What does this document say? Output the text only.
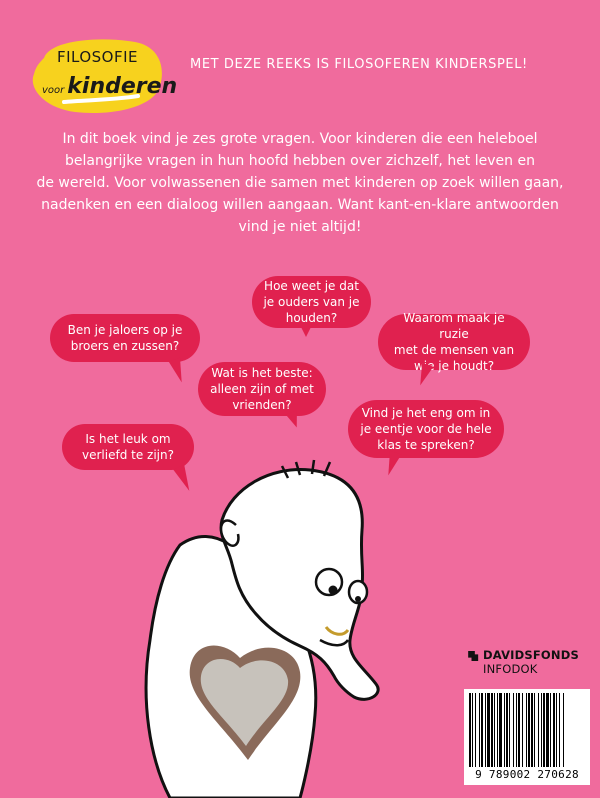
FILOSOFIE
voor kinderen
MET DEZE REEKS IS FILOSOFEREN KINDERSPEL!

In dit boek vind je zes grote vragen. Voor kinderen die een heleboel
belangrijke vragen in hun hoofd hebben over zichzelf, het leven en
de wereld. Voor volwassenen die samen met kinderen op zoek willen gaan,
nadenken en een dialoog willen aangaan. Want kant-en-klare antwoorden
vind je niet altijd!

Hoe weet je dat
je ouders van je
houden?
Ben je jaloers op je
broers en zussen?
Waarom maak je ruzie
met de mensen van
wie je houdt?
Wat is het beste:
alleen zijn of met
vrienden?
Vind je het eng om in
je eentje voor de hele
klas te spreken?
Is het leuk om
verliefd te zijn?
DAVIDSFONDS
INFODOK
9 789002 270628
